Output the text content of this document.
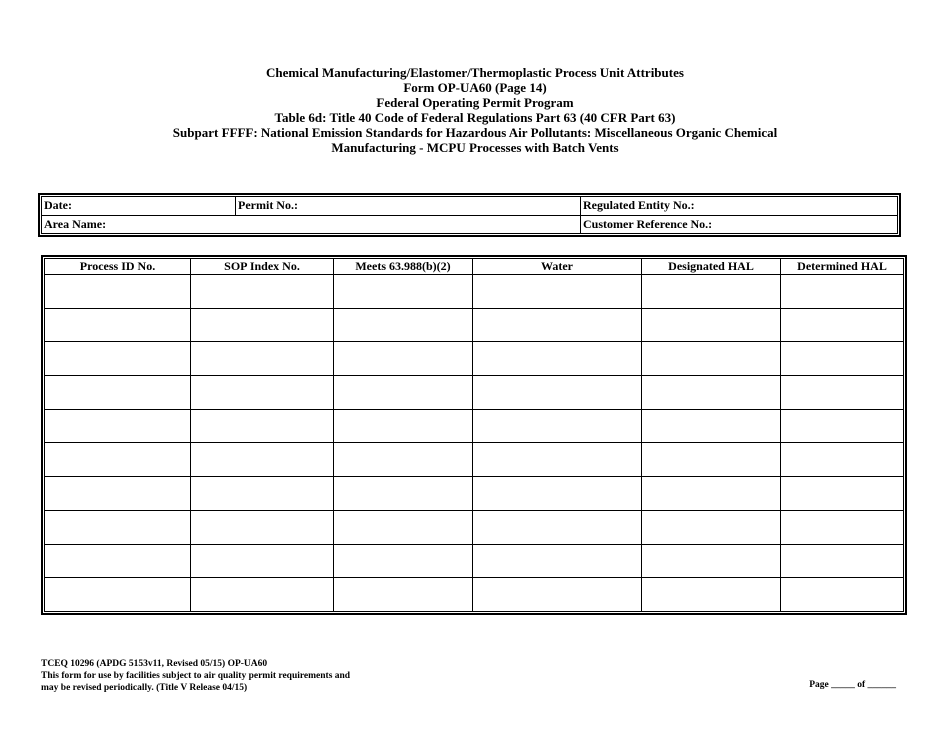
Chemical Manufacturing/Elastomer/Thermoplastic Process Unit Attributes
Form OP-UA60 (Page 14)
Federal Operating Permit Program
Table 6d: Title 40 Code of Federal Regulations Part 63 (40 CFR Part 63)
Subpart FFFF: National Emission Standards for Hazardous Air Pollutants: Miscellaneous Organic Chemical
Manufacturing - MCPU Processes with Batch Vents
Date:	Permit No.:	Regulated Entity No.:
Area Name:		Customer Reference No.:
Process ID No.	SOP Index No.	Meets 63.988(b)(2)	Water	Designated HAL	Determined HAL

TCEQ 10296 (APDG 5153v11, Revised 05/15) OP-UA60
This form for use by facilities subject to air quality permit requirements and
may be revised periodically. (Title V Release 04/15)	Page _____ of ______
